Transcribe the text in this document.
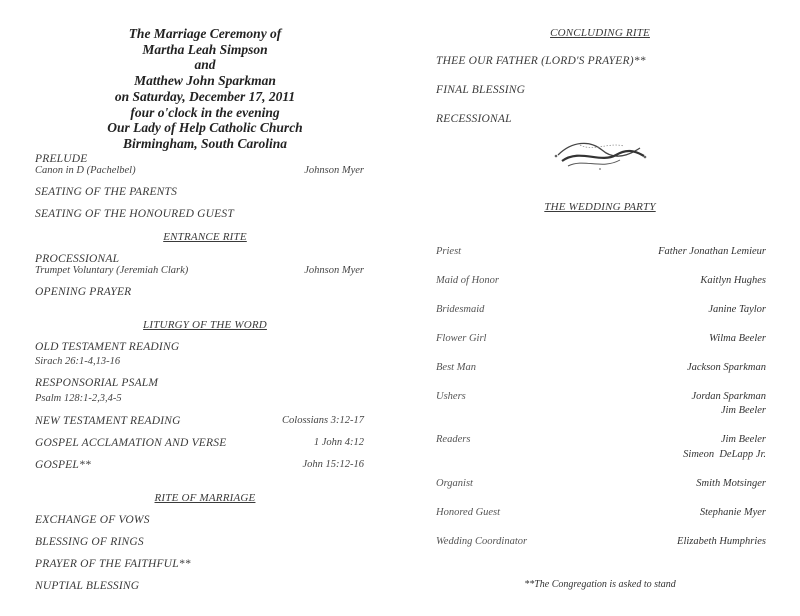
The Marriage Ceremony of
Martha Leah Simpson
and
Matthew John Sparkman
on Saturday, December 17, 2011
four o'clock in the evening
Our Lady of Help Catholic Church
Birmingham, South Carolina
PRELUDE
Canon in D (Pachelbel)	Johnson Myer
SEATING OF THE PARENTS
SEATING OF THE HONOURED GUEST
ENTRANCE RITE
PROCESSIONAL
Trumpet Voluntary (Jeremiah Clark)	Johnson Myer
OPENING PRAYER
LITURGY OF THE WORD
OLD TESTAMENT READING
Sirach 26:1-4,13-16
RESPONSORIAL PSALM
Psalm 128:1-2,3,4-5
NEW TESTAMENT READING	Colossians 3:12-17
GOSPEL ACCLAMATION AND VERSE	1 John 4:12
GOSPEL**	John 15:12-16
RITE OF MARRIAGE
EXCHANGE OF VOWS
BLESSING OF RINGS
PRAYER OF THE FAITHFUL**
NUPTIAL BLESSING
CONCLUDING RITE
THEE OUR FATHER (LORD'S PRAYER)**
FINAL BLESSING
RECESSIONAL
THE WEDDING PARTY
Priest	Father Jonathan Lemieur
Maid of Honor	Kaitlyn Hughes
Bridesmaid	Janine Taylor
Flower Girl	Wilma Beeler
Best Man	Jackson Sparkman
Ushers	Jordan Sparkman
Jim Beeler
Readers	Jim Beeler
Simeon  DeLapp Jr.
Organist	Smith Motsinger
Honored Guest	Stephanie Myer
Wedding Coordinator	Elizabeth Humphries
**The Congregation is asked to stand
